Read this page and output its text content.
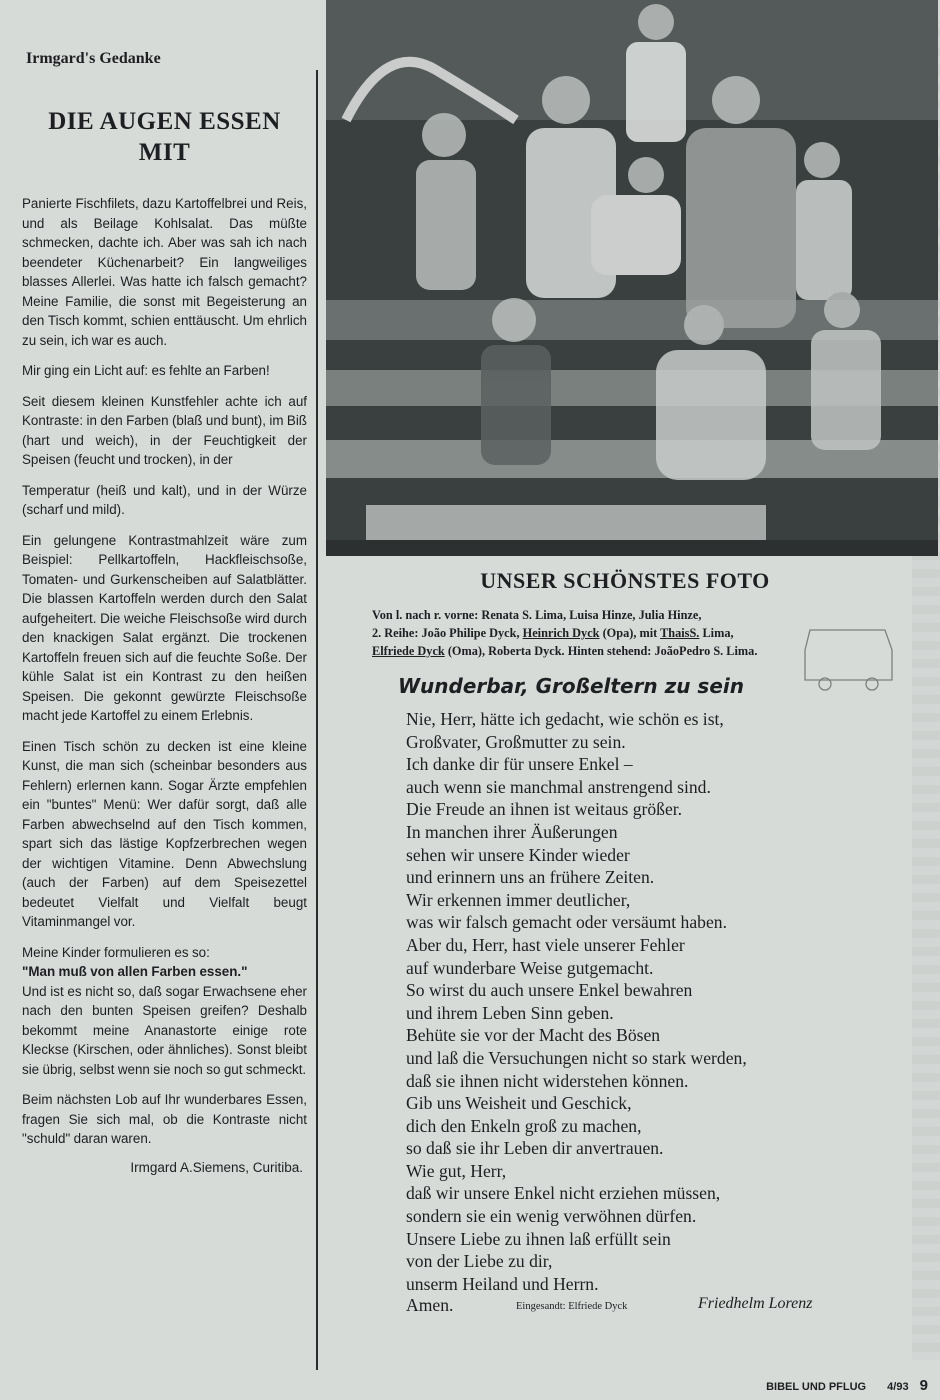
Irmgard's Gedanke
DIE AUGEN ESSEN MIT

Panierte Fischfilets, dazu Kartoffelbrei und Reis, und als Beilage Kohlsalat. Das müßte schmecken, dachte ich. Aber was sah ich nach beendeter Küchenarbeit? Ein langweiliges blasses Allerlei. Was hatte ich falsch gemacht? Meine Familie, die sonst mit Begeisterung an den Tisch kommt, schien enttäuscht. Um ehrlich zu sein, ich war es auch.

Mir ging ein Licht auf: es fehlte an Farben!

Seit diesem kleinen Kunstfehler achte ich auf Kontraste: in den Farben (blaß und bunt), im Biß (hart und weich), in der Feuchtigkeit der Speisen (feucht und trocken), in der

Temperatur (heiß und kalt), und in der Würze (scharf und mild).

Ein gelungene Kontrastmahlzeit wäre zum Beispiel: Pellkartoffeln, Hackfleischsoße, Tomaten- und Gurkenscheiben auf Salatblätter. Die blassen Kartoffeln werden durch den Salat aufgeheitert. Die weiche Fleischsoße wird durch den knackigen Salat ergänzt. Die trockenen Kartoffeln freuen sich auf die feuchte Soße. Der kühle Salat ist ein Kontrast zu den heißen Speisen. Die gekonnt gewürzte Fleischsoße macht jede Kartoffel zu einem Erlebnis.

Einen Tisch schön zu decken ist eine kleine Kunst, die man sich (scheinbar besonders aus Fehlern) erlernen kann. Sogar Ärzte empfehlen ein "buntes" Menü: Wer dafür sorgt, daß alle Farben abwechselnd auf den Tisch kommen, spart sich das lästige Kopfzerbrechen wegen der wichtigen Vitamine. Denn Abwechslung (auch der Farben) auf dem Speisezettel bedeutet Vielfalt und Vielfalt beugt Vitaminmangel vor.

Meine Kinder formulieren es so:

"Man muß von allen Farben essen."

Und ist es nicht so, daß sogar Erwachsene eher nach den bunten Speisen greifen? Deshalb bekommt meine Ananastorte einige rote Kleckse (Kirschen, oder ähnliches). Sonst bleibt sie übrig, selbst wenn sie noch so gut schmeckt.

Beim nächsten Lob auf Ihr wunderbares Essen, fragen Sie sich mal, ob die Kontraste nicht "schuld" daran waren.

Irmgard A.Siemens, Curitiba.
UNSER SCHÖNSTES FOTO
Von l. nach r. vorne: Renata S. Lima, Luisa Hinze, Julia Hinze,
2. Reihe: João Philipe Dyck, Heinrich Dyck (Opa), mit ThaisS. Lima,
Elfriede Dyck (Oma), Roberta Dyck. Hinten stehend: JoãoPedro S. Lima.
Wunderbar, Großeltern zu sein
Nie, Herr, hätte ich gedacht, wie schön es ist,
Großvater, Großmutter zu sein.
Ich danke dir für unsere Enkel –
auch wenn sie manchmal anstrengend sind.
Die Freude an ihnen ist weitaus größer.
In manchen ihrer Äußerungen
sehen wir unsere Kinder wieder
und erinnern uns an frühere Zeiten.
Wir erkennen immer deutlicher,
was wir falsch gemacht oder versäumt haben.
Aber du, Herr, hast viele unserer Fehler
auf wunderbare Weise gutgemacht.
So wirst du auch unsere Enkel bewahren
und ihrem Leben Sinn geben.
Behüte sie vor der Macht des Bösen
und laß die Versuchungen nicht so stark werden,
daß sie ihnen nicht widerstehen können.
Gib uns Weisheit und Geschick,
dich den Enkeln groß zu machen,
so daß sie ihr Leben dir anvertrauen.
Wie gut, Herr,
daß wir unsere Enkel nicht erziehen müssen,
sondern sie ein wenig verwöhnen dürfen.
Unsere Liebe zu ihnen laß erfüllt sein
von der Liebe zu dir,
unserm Heiland und Herrn.
Amen.	Eingesandt: Elfriede Dyck	Friedhelm Lorenz
BIBEL UND PFLUG 4/93 9
